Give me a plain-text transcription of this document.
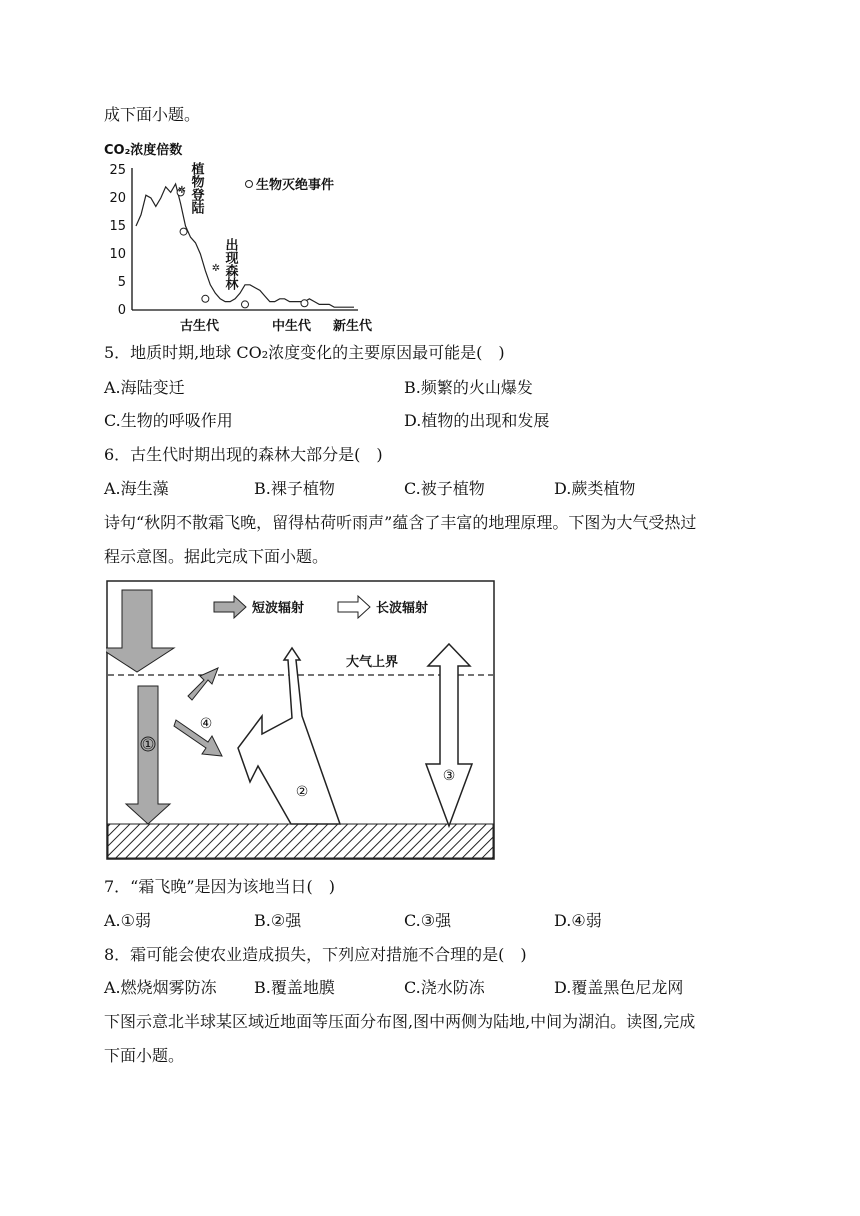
成下面小题。
CO₂浓度倍数
25
20
15
10
5
0
✲
✲
植物登陆
出现森林
生物灭绝事件
古生代	中生代 新生代
5．地质时期,地球 CO₂浓度变化的主要原因最可能是(　)
A.海陆变迁	B.频繁的火山爆发
C.生物的呼吸作用	D.植物的出现和发展
6．古生代时期出现的森林大部分是(　)
A.海生藻	B.裸子植物	C.被子植物	D.蕨类植物
诗句“秋阴不散霜飞晚，留得枯荷听雨声”蕴含了丰富的地理原理。下图为大气受热过
程示意图。据此完成下面小题。
大气上界
短波辐射	长波辐射
①
④
②
③
7．“霜飞晚”是因为该地当日(　)
A.①弱	B.②强	C.③强	D.④弱
8．霜可能会使农业造成损失，下列应对措施不合理的是(　)
A.燃烧烟雾防冻 B.覆盖地膜	C.浇水防冻	D.覆盖黑色尼龙网
下图示意北半球某区域近地面等压面分布图,图中两侧为陆地,中间为湖泊。读图,完成
下面小题。
